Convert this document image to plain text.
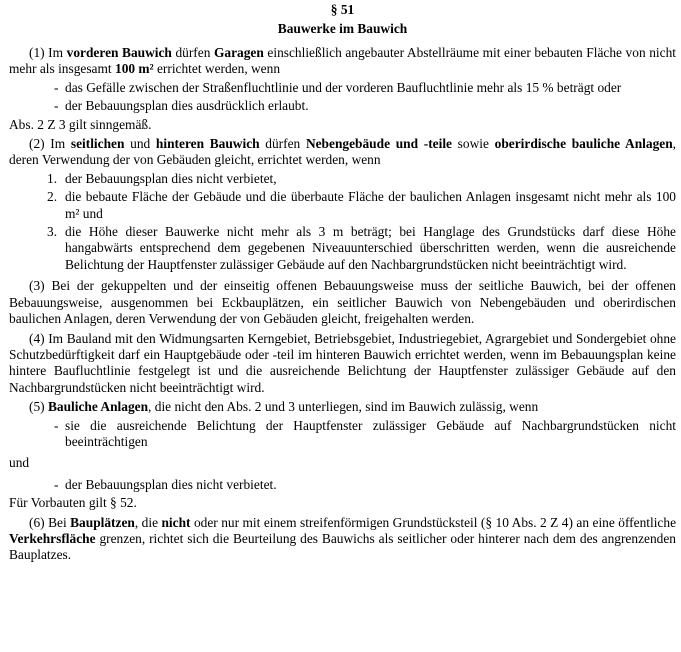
§ 51
Bauwerke im Bauwich

(1) Im vorderen Bauwich dürfen Garagen einschließlich angebauter Abstellräume mit einer bebauten Fläche von nicht mehr als insgesamt 100 m² errichtet werden, wenn

- das Gefälle zwischen der Straßenfluchtlinie und der vorderen Baufluchtlinie mehr als 15 % beträgt oder
- der Bebauungsplan dies ausdrücklich erlaubt.

Abs. 2 Z 3 gilt sinngemäß.

(2) Im seitlichen und hinteren Bauwich dürfen Nebengebäude und -teile sowie oberirdische bauliche Anlagen, deren Verwendung der von Gebäuden gleicht, errichtet werden, wenn

1. der Bebauungsplan dies nicht verbietet,
2. die bebaute Fläche der Gebäude und die überbaute Fläche der baulichen Anlagen insgesamt nicht mehr als 100 m² und
3. die Höhe dieser Bauwerke nicht mehr als 3 m beträgt; bei Hanglage des Grundstücks darf diese Höhe hangabwärts entsprechend dem gegebenen Niveauunterschied überschritten werden, wenn die ausreichende Belichtung der Hauptfenster zulässiger Gebäude auf den Nachbargrundstücken nicht beeinträchtigt wird.

(3) Bei der gekuppelten und der einseitig offenen Bebauungsweise muss der seitliche Bauwich, bei der offenen Bebauungsweise, ausgenommen bei Eckbauplätzen, ein seitlicher Bauwich von Nebengebäuden und oberirdischen baulichen Anlagen, deren Verwendung der von Gebäuden gleicht, freigehalten werden.

(4) Im Bauland mit den Widmungsarten Kerngebiet, Betriebsgebiet, Industriegebiet, Agrargebiet und Sondergebiet ohne Schutzbedürftigkeit darf ein Hauptgebäude oder -teil im hinteren Bauwich errichtet werden, wenn im Bebauungsplan keine hintere Baufluchtlinie festgelegt ist und die ausreichende Belichtung der Hauptfenster zulässiger Gebäude auf den Nachbargrundstücken nicht beeinträchtigt wird.

(5) Bauliche Anlagen, die nicht den Abs. 2 und 3 unterliegen, sind im Bauwich zulässig, wenn

- sie die ausreichende Belichtung der Hauptfenster zulässiger Gebäude auf Nachbargrundstücken nicht beeinträchtigen

und

- der Bebauungsplan dies nicht verbietet.

Für Vorbauten gilt § 52.

(6) Bei Bauplätzen, die nicht oder nur mit einem streifenförmigen Grundstücksteil (§ 10 Abs. 2 Z 4) an eine öffentliche Verkehrsfläche grenzen, richtet sich die Beurteilung des Bauwichs als seitlicher oder hinterer nach dem des angrenzenden Bauplatzes.
